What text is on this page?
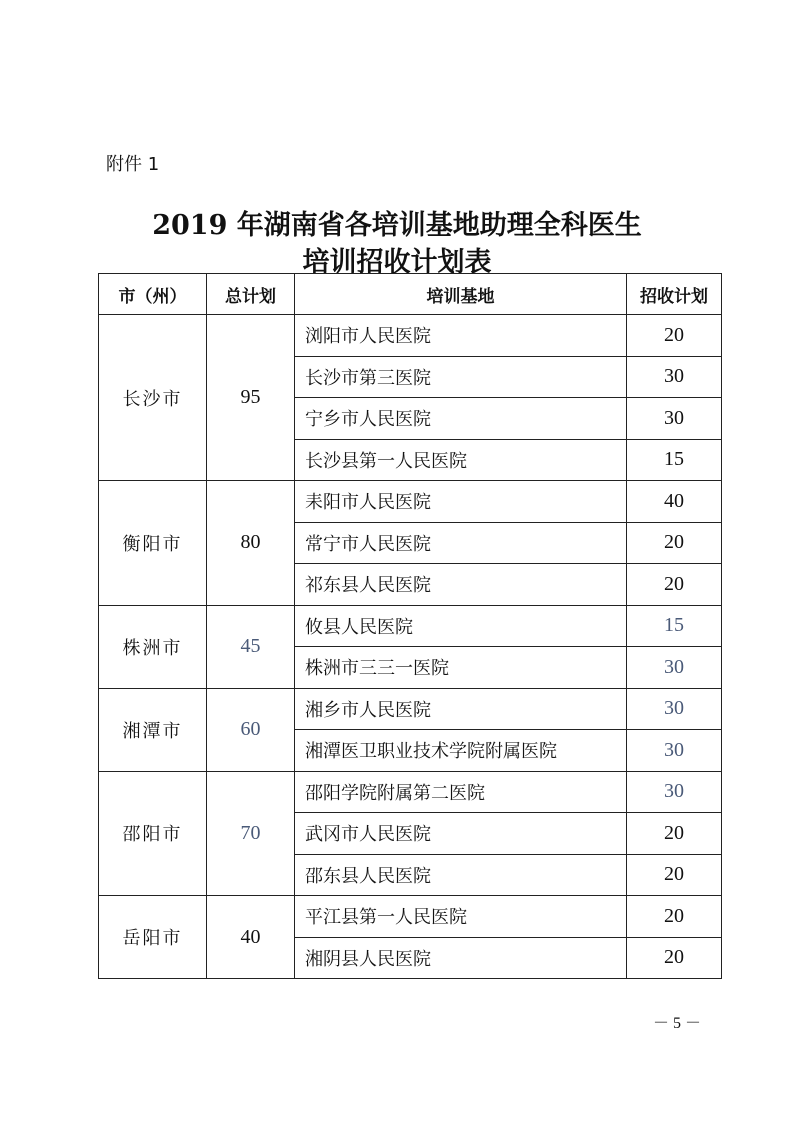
附件 1
2019 年湖南省各培训基地助理全科医生
培训招收计划表
市（州）	总计划	培训基地	招收计划
长沙市	95	浏阳市人民医院	20
		长沙市第三医院	30
		宁乡市人民医院	30
		长沙县第一人民医院	15
衡阳市	80	耒阳市人民医院	40
		常宁市人民医院	20
		祁东县人民医院	20
株洲市	45	攸县人民医院	15
		株洲市三三一医院	30
湘潭市	60	湘乡市人民医院	30
		湘潭医卫职业技术学院附属医院	30
邵阳市	70	邵阳学院附属第二医院	30
		武冈市人民医院	20
		邵东县人民医院	20
岳阳市	40	平江县第一人民医院	20
		湘阴县人民医院	20
－ 5 －
